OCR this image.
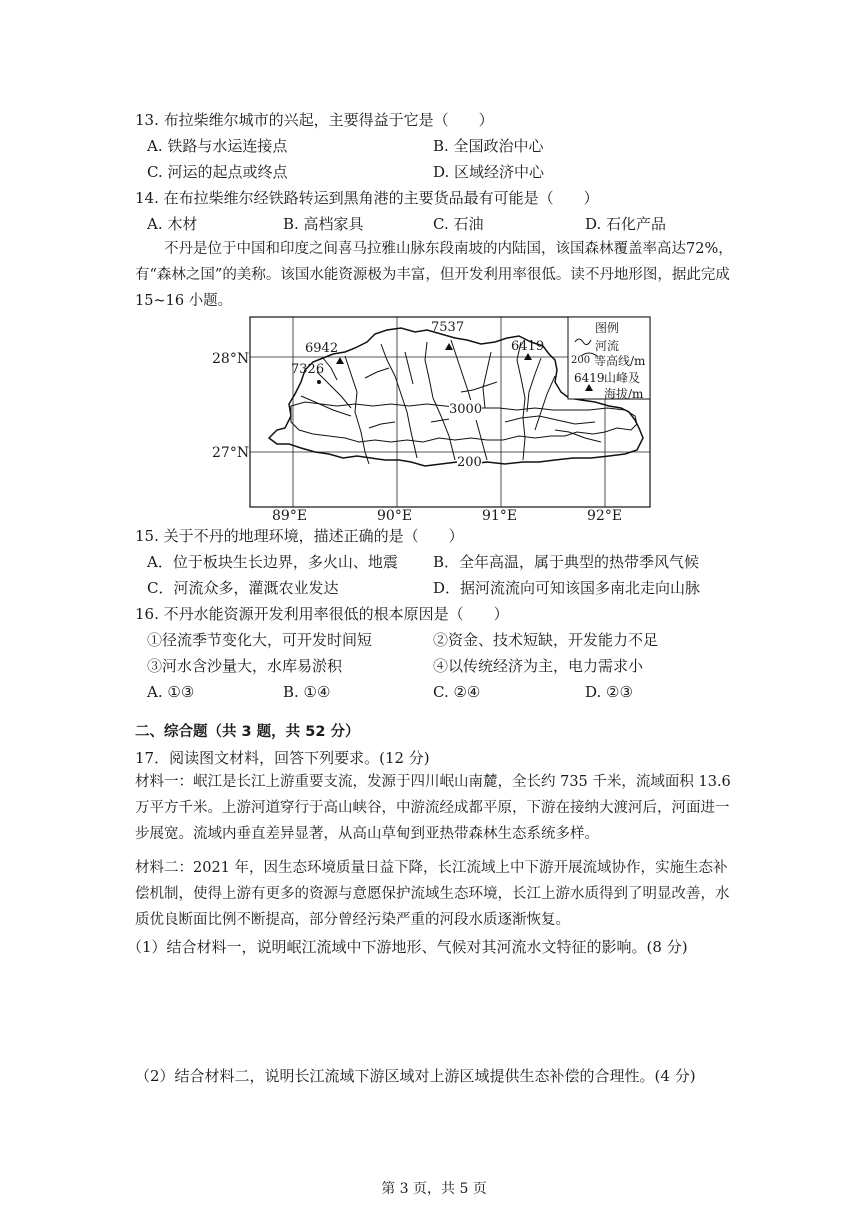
13. 布拉柴维尔城市的兴起，主要得益于它是（　　）
A. 铁路与水运连接点	B. 全国政治中心
C. 河运的起点或终点	D. 区域经济中心
14. 在布拉柴维尔经铁路转运到黑角港的主要货品最有可能是（　　）
A. 木材	B. 高档家具	C. 石油	D. 石化产品
不丹是位于中国和印度之间喜马拉雅山脉东段南坡的内陆国，该国森林覆盖率高达72%，有“森林之国”的美称。该国水能资源极为丰富，但开发利用率很低。读不丹地形图，据此完成 15~16 小题。
28°N
27°N
89°E	90°E	91°E	92°E
6942
7537
6419
7326
3000
200
图例
河流
200 等高线/m
6419 山峰及
海拔/m
15. 关于不丹的地理环境，描述正确的是（　　）
A．位于板块生长边界，多火山、地震 B．全年高温，属于典型的热带季风气候
C．河流众多，灌溉农业发达	D．据河流流向可知该国多南北走向山脉
16. 不丹水能资源开发利用率很低的根本原因是（　　）
①径流季节变化大，可开发时间短	②资金、技术短缺，开发能力不足
③河水含沙量大，水库易淤积	④以传统经济为主，电力需求小
A. ①③	B. ①④	C. ②④	D. ②③
二、综合题（共 3 题，共 52 分）
17．阅读图文材料，回答下列要求。(12 分)
材料一：岷江是长江上游重要支流，发源于四川岷山南麓，全长约 735 千米，流域面积 13.6 万平方千米。上游河道穿行于高山峡谷，中游流经成都平原，下游在接纳大渡河后，河面进一步展宽。流域内垂直差异显著，从高山草甸到亚热带森林生态系统多样。
材料二：2021 年，因生态环境质量日益下降，长江流域上中下游开展流域协作，实施生态补偿机制，使得上游有更多的资源与意愿保护流域生态环境，长江上游水质得到了明显改善，水质优良断面比例不断提高，部分曾经污染严重的河段水质逐渐恢复。
（1）结合材料一，说明岷江流域中下游地形、气候对其河流水文特征的影响。(8 分)
（2）结合材料二，说明长江流域下游区域对上游区域提供生态补偿的合理性。(4 分)
第 3 页，共 5 页
